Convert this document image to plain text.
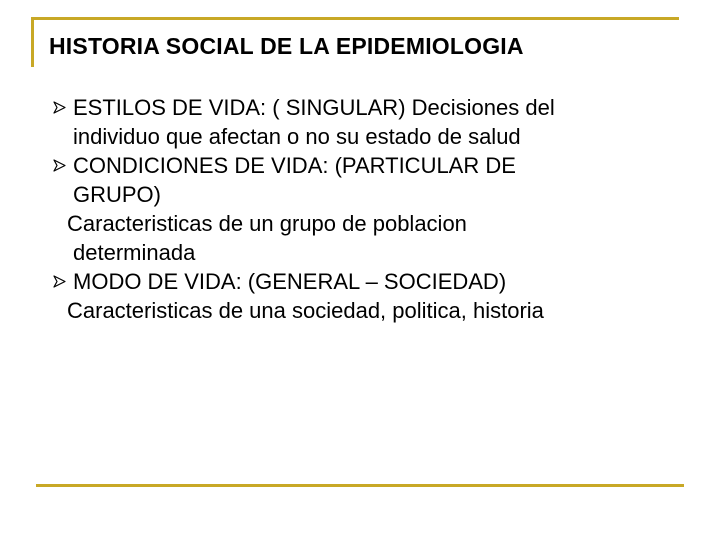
HISTORIA SOCIAL DE LA EPIDEMIOLOGIA
ESTILOS DE VIDA: ( SINGULAR) Decisiones del
individuo que afectan o no su estado de salud
CONDICIONES DE VIDA: (PARTICULAR DE
GRUPO)
Caracteristicas de un grupo de poblacion
determinada
MODO DE VIDA: (GENERAL – SOCIEDAD)
Caracteristicas de una sociedad, politica, historia
